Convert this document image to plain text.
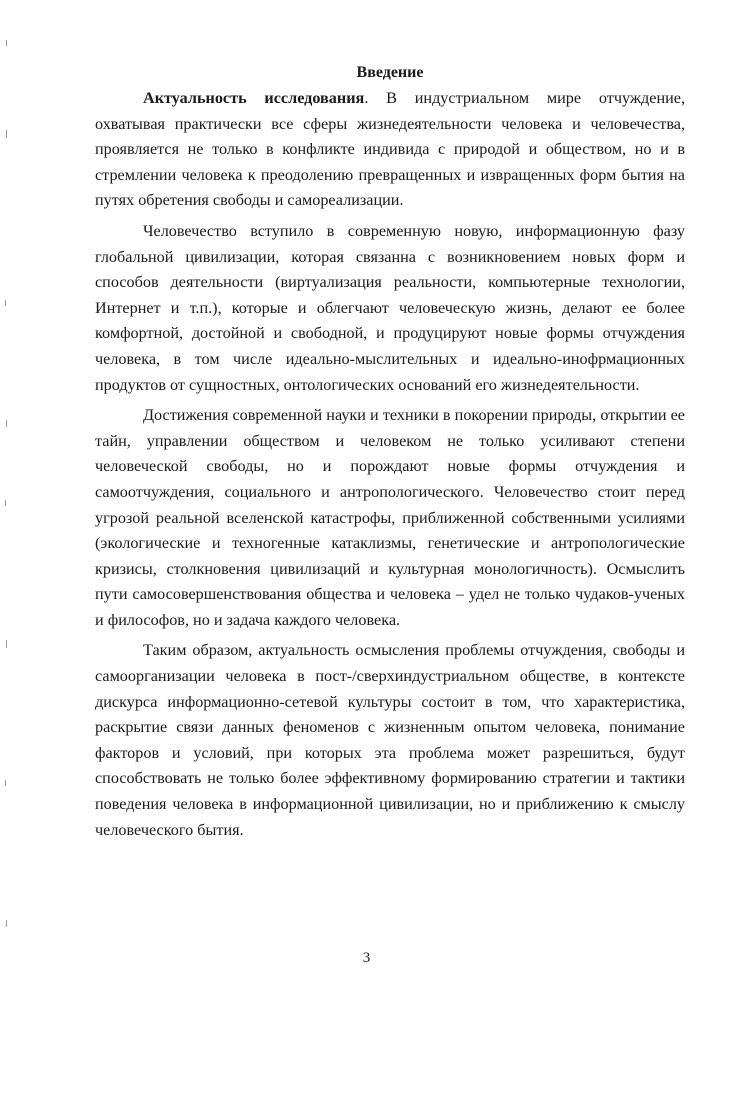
Введение

Актуальность исследования. В индустриальном мире отчуждение, охватывая практически все сферы жизнедеятельности человека и человечества, проявляется не только в конфликте индивида с природой и обществом, но и в стремлении человека к преодолению превращенных и извращенных форм бытия на путях обретения свободы и самореализации.

Человечество вступило в современную новую, информационную фазу глобальной цивилизации, которая связанна с возникновением новых форм и способов деятельности (виртуализация реальности, компьютерные технологии, Интернет и т.п.), которые и облегчают человеческую жизнь, делают ее более комфортной, достойной и свободной, и продуцируют новые формы отчуждения человека, в том числе идеально-мыслительных и идеально-инофрмационных продуктов от сущностных, онтологических оснований его жизнедеятельности.

Достижения современной науки и техники в покорении природы, открытии ее тайн, управлении обществом и человеком не только усиливают степени человеческой свободы, но и порождают новые формы отчуждения и самоотчуждения, социального и антропологического. Человечество стоит перед угрозой реальной вселенской катастрофы, приближенной собственными усилиями (экологические и техногенные катаклизмы, генетические и антропологические кризисы, столкновения цивилизаций и культурная монологичность). Осмыслить пути самосовершенствования общества и человека – удел не только чудаков-ученых и философов, но и задача каждого человека.

Таким образом, актуальность осмысления проблемы отчуждения, свободы и самоорганизации человека в пост-/сверхиндустриальном обществе, в контексте дискурса информационно-сетевой культуры состоит в том, что характеристика, раскрытие связи данных феноменов с жизненным опытом человека, понимание факторов и условий, при которых эта проблема может разрешиться, будут способствовать не только более эффективному формированию стратегии и тактики поведения человека в информационной цивилизации, но и приближению к смыслу человеческого бытия.

3
